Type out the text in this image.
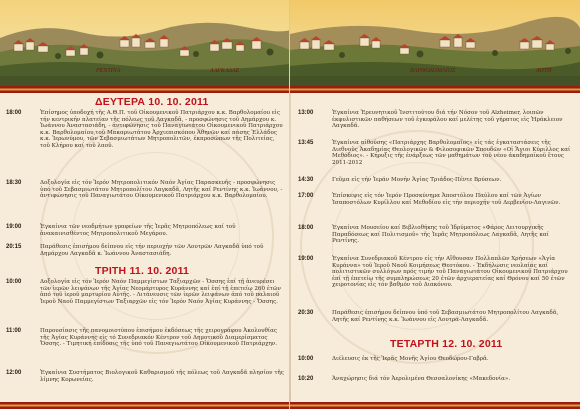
ΡΕΝΤΙΝΑ	ΛΑΓΚΑΔΑΣ
ΔΕΥΤΕΡΑ 10. 10. 2011
18:00	Ἐπίσημος ὑποδοχή τῆς Α.Θ.Π. τοῦ Οἰκουμενικοῦ Πατριάρχου κ.κ. Βαρθολομαίου εἰς τήν κεντρικήν πλατείαν τῆς πόλεως τοῦ Λαγκαδᾶ, - προσφώνησις τοῦ Δημάρχου κ. Ἰωάννου Ἀναστασιάδη, - ἀντιφώνησις τοῦ Παναγιωτάτου Οἰκουμενικοῦ Πατριάρχου κ.κ. Βαρθολομαίου,τοῦ Μακαριωτάτου Ἀρχιεπισκόπου Ἀθηνῶν καί πάσης Ἑλλάδος κ.κ. Ἱερωνύμου, τῶν Σεβασμιωτάτων Μητροπολιτῶν, ἐκπροσώπων τῆς Πολιτείας, τοῦ Κλήρου καί τοῦ λαοῦ.
18:30	Δοξολογία εἰς τόν Ἱερόν Μητροπολιτικόν Ναόν Ἁγίας Παρασκευῆς - προσφώνησις ὑπό τοῦ Σεβασμιωτάτου Μητροπολίτου Λαγκαδᾶ, Λητῆς καί Ρεντίνης κ.κ. Ἰωάννου, - ἀντιφώνησις τοῦ Παναγιωτάτου Οἰκουμενικοῦ Πατριάρχου κ.κ. Βαρθολομαίου.
19:00	Ἐγκαίνια τῶν νεοδμήτων γραφείων τῆς Ἱερᾶς Μητροπόλεως καί τοῦ ἀνακαινισθέντος Μητροπολιτικοῦ Μεγάρου.
20:15	Παράθεσις ἐπισήμου δείπνου εἰς τήν περιοχήν τῶν Λουτρῶν Λαγκαδᾶ ὑπό τοῦ Δημάρχου Λαγκαδᾶ κ. Ἰωάννου Ἀναστασιάδη.
ΤΡΙΤΗ 11. 10. 2011
10:00	Δοξολογία εἰς τόν Ἱερόν Ναόν Παμμεγίστων Ταξιαρχῶν - Ὄσσης ἐπί τῇ ἀνευρέσει τῶν ἱερῶν λειψάνων τῆς Ἁγίας Νεομάρτυρος Κυράννης καί ἐπί τῇ ἐπετείῳ 260 ἐτῶν ἀπό τοῦ ἱεροῦ μαρτυρίου Αὐτῆς. - Λιτάνευσις τῶν ἱερῶν λειψάνων ἀπό τοῦ παλαιοῦ Ἱεροῦ Ναοῦ Παμμεγίστων Ταξιαρχῶν εἰς τόν Ἱερόν Ναόν Ἁγίας Κυράννης - Ὄσσης.
11:00	Παρουσίασις τῆς πανομοιοτύπου ἐπισήμου ἐκδόσεως τῆς χειρογράφου Ἀκολουθίας τῆς Ἁγίας Κυράννης εἰς τό Συνεδριακόν Κέντρον τοῦ Δημοτικοῦ Διαμερίσματος Ὄσσης. - Τιμητική ἐπίδοσις τῆς ὑπό τοῦ Παναγιωτάτου Οἰκουμενικοῦ Πατριάρχην.
12:00	Ἐγκαίνια Συστήματος Βιολογικοῦ Καθαρισμοῦ τῆς πόλεως τοῦ Λαγκαδᾶ πλησίον τῆς λίμνης Κορωνείας.
ΒΑΡΘΟΛΟΜΑΙΟΣ	ΛΗΤΗ
13:00	Ἐγκαίνια Ἐρευνητικοῦ Ἰνστιτούτου διά τήν Νόσον τοῦ Alzheimer, λοιπῶν ἐκφυλιστικῶν παθήσεων τοῦ ἐγκεφάλου καί μελέτης τοῦ γήρατος εἰς Ἡράκλειον Λαγκαδᾶ.
13:45	Ἐγκαίνια αἰθούσης «Πατριάρχης Βαρθολομαῖος» εἰς τάς ἐγκαταστάσεις τῆς Διεθνοῦς Ἀκαδημίας Θεολογικῶν & Φιλοσοφικῶν Σπουδῶν «Οἱ Ἅγιοι Κύριλλος καί Μεθόδιος». - Κήρυξις τῆς ἐνάρξεως τῶν μαθημάτων τοῦ νέου ἀκαδημαϊκοῦ ἔτους 2011-2012
14:30	Γεῦμα εἰς τήν Ἱεράν Μονήν Ἁγίας Τριάδος-Πέντε Βρύσεων.
17:00	Ἐπίσκεψις εἰς τόν Ἱερόν Προσκύνημα Ἀποστόλου Παύλου καί τῶν Ἁγίων Ἰσαποστόλων Κυρίλλου καί Μεθοδίου εἰς τήν περιοχήν τοῦ Δερβενίου-Λαγινῶν.
18:00	Ἐγκαίνια Μουσείου καί Βιβλιοθήκης τοῦ Ἱδρύματος «Φάρος Λειτουργικῆς Παραδόσεως καί Πολιτισμοῦ» τῆς Ἱερᾶς Μητροπόλεως Λαγκαδᾶ, Λητῆς καί Ρεντίνης.
19:00	Ἐγκαίνια Συνεδριακοῦ Κέντρου εἰς τήν Αἴθουσαν Πολλαπλῶν Χρήσεων «Ἁγία Κυράννα» τοῦ Ἱεροῦ Ναοῦ Κοιμήσεως Θεοτόκου. - Ἐκδήλωσις νεολαίας καί πολιτιστικῶν συλλόγων πρός τιμήν τοῦ Παναγιωτάτου Οἰκουμενικοῦ Πατριάρχου ἐπί τῇ ἐπετείῳ τῆς συμπληρώσεως 20 ἐτῶν ἀρχιερατείας καί Θρόνου καί 50 ἐτῶν χειροτονίας εἰς τόν βαθμόν τοῦ Διακόνου.
20:30	Παράθεσις ἐπισήμου δείπνου ὑπό τοῦ Σεβασμιωτάτου Μητροπολίτου Λαγκαδᾶ, Λητῆς καί Ρεντίνης κ.κ. Ἰωάννου εἰς Λουτρά-Λαγκαδᾶ.
ΤΕΤΑΡΤΗ 12. 10. 2011
10:00	Διέλευσις ἐκ τῆς Ἱερᾶς Μονῆς Ἁγίου Θεοδώρου-Γαβρᾶ.
10:20	Ἀναχώρησις διά τόν Ἀερολιμένα Θεσσαλονίκης «Μακεδονία».
